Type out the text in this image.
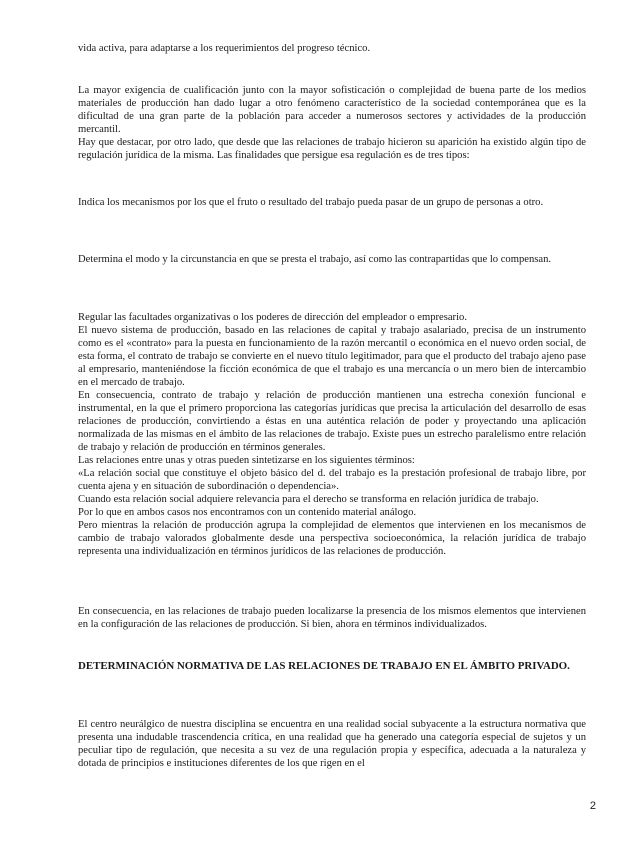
vida activa, para adaptarse a los requerimientos del progreso técnico.

La mayor exigencia de cualificación junto con la mayor sofisticación o complejidad de buena parte de los medios materiales de producción han dado lugar a otro fenómeno característico de la sociedad contemporánea que es la dificultad de una gran parte de la población para acceder a numerosos sectores y actividades de la producción mercantil.

Hay que destacar, por otro lado, que desde que las relaciones de trabajo hicieron su aparición ha existido algún tipo de regulación jurídica de la misma. Las finalidades que persigue esa regulación es de tres tipos:

Indica los mecanismos por los que el fruto o resultado del trabajo pueda pasar de un grupo de personas a otro.

Determina el modo y la circunstancia en que se presta el trabajo, así como las contrapartidas que lo compensan.

Regular las facultades organizativas o los poderes de dirección del empleador o empresario.

El nuevo sistema de producción, basado en las relaciones de capital y trabajo asalariado, precisa de un instrumento como es el «contrato» para la puesta en funcionamiento de la razón mercantil o económica en el nuevo orden social, de esta forma, el contrato de trabajo se convierte en el nuevo título legitimador, para que el producto del trabajo ajeno pase al empresario, manteniéndose la ficción económica de que el trabajo es una mercancía o un mero bien de intercambio en el mercado de trabajo.

En consecuencia, contrato de trabajo y relación de producción mantienen una estrecha conexión funcional e instrumental, en la que el primero proporciona las categorías jurídicas que precisa la articulación del desarrollo de esas relaciones de producción, convirtiendo a éstas en una auténtica relación de poder y proyectando una aplicación normalizada de las mismas en el ámbito de las relaciones de trabajo. Existe pues un estrecho paralelismo entre relación de trabajo y relación de producción en términos generales.

Las relaciones entre unas y otras pueden sintetizarse en los siguientes términos:

«La relación social que constituye el objeto básico del d. del trabajo es la prestación profesional de trabajo libre, por cuenta ajena y en situación de subordinación o dependencia».

Cuando esta relación social adquiere relevancia para el derecho se transforma en relación jurídica de trabajo.

Por lo que en ambos casos nos encontramos con un contenido material análogo.

Pero mientras la relación de producción agrupa la complejidad de elementos que intervienen en los mecanismos de cambio de trabajo valorados globalmente desde una perspectiva socioeconómica, la relación jurídica de trabajo representa una individualización en términos jurídicos de las relaciones de producción.

En consecuencia, en las relaciones de trabajo pueden localizarse la presencia de los mismos elementos que intervienen en la configuración de las relaciones de producción. Si bien, ahora en términos individualizados.

DETERMINACIÓN NORMATIVA DE LAS RELACIONES DE TRABAJO EN EL ÁMBITO PRIVADO.

El centro neurálgico de nuestra disciplina se encuentra en una realidad social subyacente a la estructura normativa que presenta una indudable trascendencia crítica, en una realidad que ha generado una categoría especial de sujetos y un peculiar tipo de regulación, que necesita a su vez de una regulación propia y específica, adecuada a la naturaleza y dotada de principios e instituciones diferentes de los que rigen en el

2
